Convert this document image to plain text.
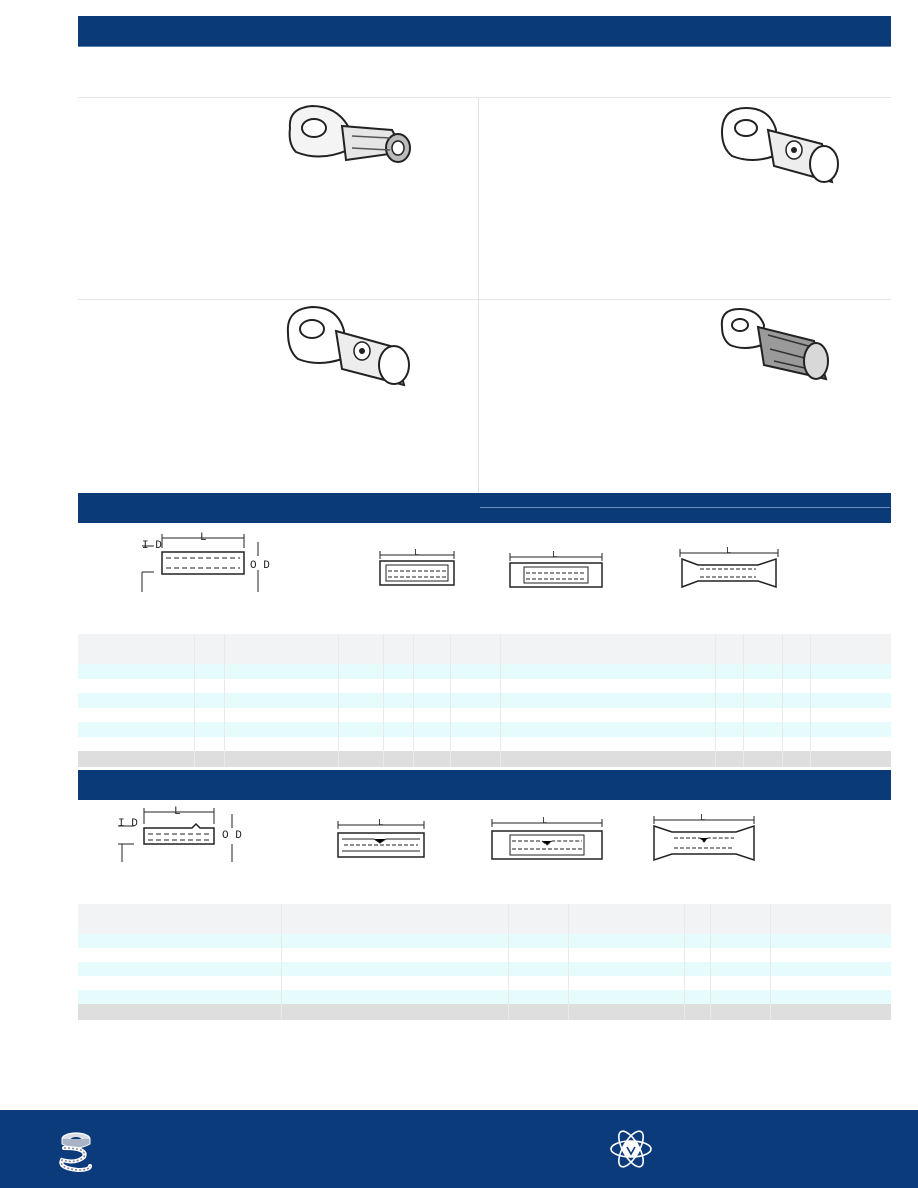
I D
L
O D
L	L	L
I D
L
O D
L	L	L
